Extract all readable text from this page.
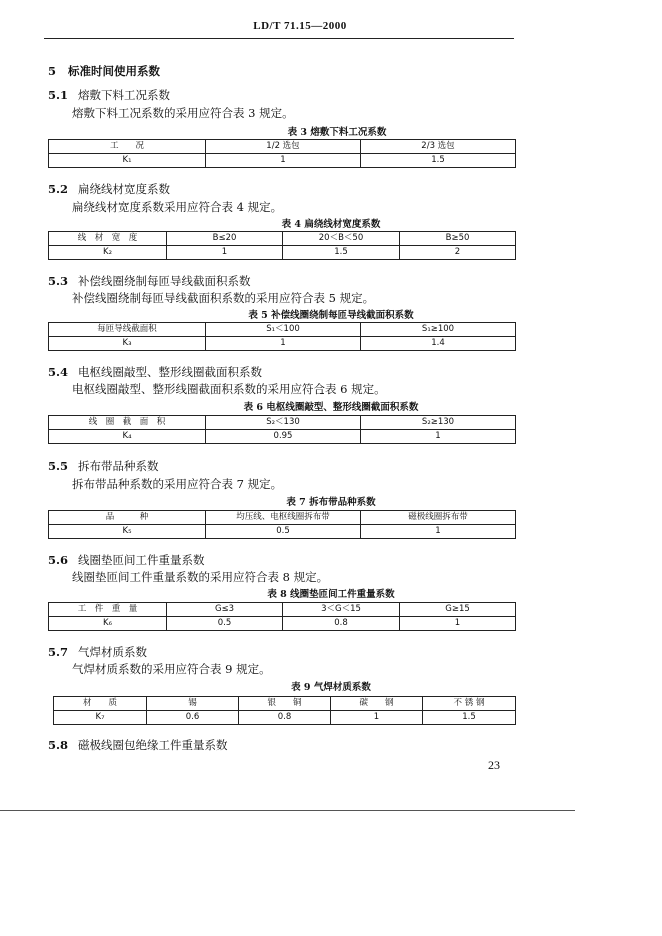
LD/T 71.15—2000
5 标准时间使用系数
5.1 熔敷下料工况系数
熔敷下料工况系数的采用应符合表 3 规定。
表 3 熔敷下料工况系数
工　　况	1/2 选包	2/3 选包
K₁	1	1.5
5.2 扁绕线材宽度系数
扁绕线材宽度系数采用应符合表 4 规定。
表 4 扁绕线材宽度系数
线　材　宽　度	B≤20	20＜B＜50	B≥50
K₂	1	1.5	2
5.3 补偿线圈绕制每匝导线截面积系数
补偿线圈绕制每匝导线截面积系数的采用应符合表 5 规定。
表 5 补偿线圈绕制每匝导线截面积系数
每匝导线截面积	S₁＜100	S₁≥100
K₃	1	1.4
5.4 电枢线圈敲型、整形线圈截面积系数
电枢线圈敲型、整形线圈截面积系数的采用应符合表 6 规定。
表 6 电枢线圈敲型、整形线圈截面积系数
线　圈　截　面　积	S₂＜130	S₂≥130
K₄	0.95	1
5.5 拆布带品种系数
拆布带品种系数的采用应符合表 7 规定。
表 7 拆布带品种系数
品　　　种	均压线、电枢线圈拆布带	磁极线圈拆布带
K₅	0.5	1
5.6 线圈垫匝间工件重量系数
线圈垫匝间工件重量系数的采用应符合表 8 规定。
表 8 线圈垫匝间工件重量系数
工　件　重　量	G≤3	3＜G＜15	G≥15
K₆	0.5	0.8	1
5.7 气焊材质系数
气焊材质系数的采用应符合表 9 规定。
表 9 气焊材质系数
材　　质	锡	银　　铜	碳　　钢	不 锈 钢
K₇	0.6	0.8	1	1.5
5.8 磁极线圈包绝缘工件重量系数
23
